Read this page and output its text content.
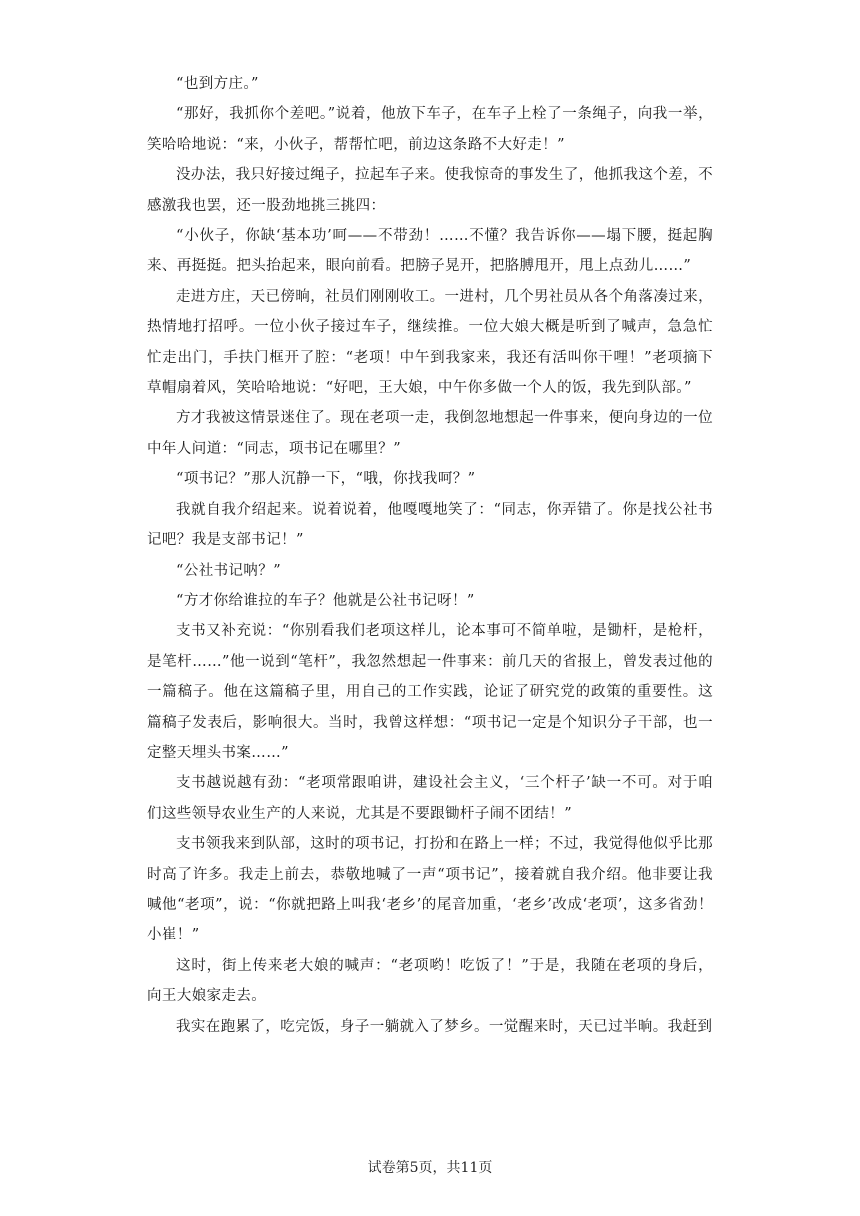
“也到方庄。”

“那好，我抓你个差吧。”说着，他放下车子，在车子上栓了一条绳子，向我一举，笑哈哈地说：“来，小伙子，帮帮忙吧，前边这条路不大好走！”

没办法，我只好接过绳子，拉起车子来。使我惊奇的事发生了，他抓我这个差，不感激我也罢，还一股劲地挑三挑四：

“小伙子，你缺‘基本功’呵——不带劲！……不懂？我告诉你——塌下腰，挺起胸来、再挺挺。把头抬起来，眼向前看。把膀子晃开，把胳膊甩开，甩上点劲儿……”

走进方庄，天已傍晌，社员们刚刚收工。一进村，几个男社员从各个角落凑过来，热情地打招呼。一位小伙子接过车子，继续推。一位大娘大概是听到了喊声，急急忙忙走出门，手扶门框开了腔：“老项！中午到我家来，我还有活叫你干哩！”老项摘下草帽扇着风，笑哈哈地说：“好吧，王大娘，中午你多做一个人的饭，我先到队部。”

方才我被这情景迷住了。现在老项一走，我倒忽地想起一件事来，便向身边的一位中年人问道：“同志，项书记在哪里？”

“项书记？”那人沉静一下，“哦，你找我呵？”

我就自我介绍起来。说着说着，他嘎嘎地笑了：“同志，你弄错了。你是找公社书记吧？我是支部书记！”

“公社书记呐？”

“方才你给谁拉的车子？他就是公社书记呀！”

支书又补充说：“你别看我们老项这样儿，论本事可不简单啦，是锄杆，是枪杆，是笔杆……”他一说到“笔杆”，我忽然想起一件事来：前几天的省报上，曾发表过他的一篇稿子。他在这篇稿子里，用自己的工作实践，论证了研究党的政策的重要性。这篇稿子发表后，影响很大。当时，我曾这样想：“项书记一定是个知识分子干部，也一定整天埋头书案……”

支书越说越有劲：“老项常跟咱讲，建设社会主义，‘三个杆子’缺一不可。对于咱们这些领导农业生产的人来说，尤其是不要跟锄杆子闹不团结！”

支书领我来到队部，这时的项书记，打扮和在路上一样；不过，我觉得他似乎比那时高了许多。我走上前去，恭敬地喊了一声“项书记”，接着就自我介绍。他非要让我喊他“老项”，说：“你就把路上叫我‘老乡’的尾音加重，‘老乡’改成‘老项’，这多省劲！小崔！”

这时，街上传来老大娘的喊声：“老项哟！吃饭了！”于是，我随在老项的身后，向王大娘家走去。

我实在跑累了，吃完饭，身子一躺就入了梦乡。一觉醒来时，天已过半晌。我赶到

试卷第5页，共11页
